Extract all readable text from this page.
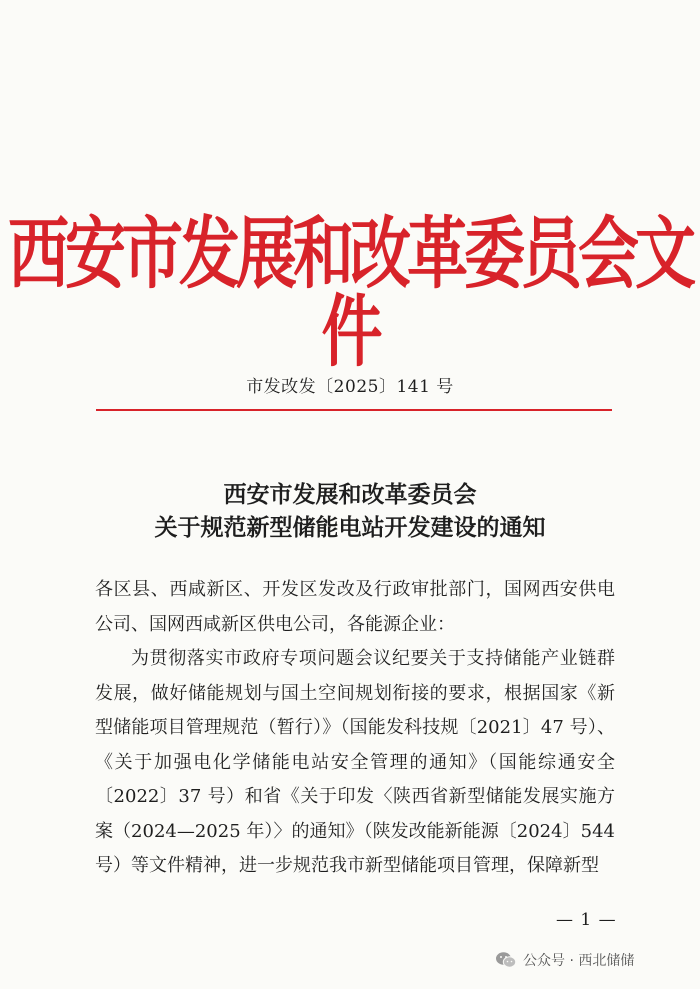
西安市发展和改革委员会文件
市发改发〔2025〕141 号
西安市发展和改革委员会
关于规范新型储能电站开发建设的通知

各区县、西咸新区、开发区发改及行政审批部门，国网西安供电公司、国网西咸新区供电公司，各能源企业：

为贯彻落实市政府专项问题会议纪要关于支持储能产业链群发展，做好储能规划与国土空间规划衔接的要求，根据国家《新型储能项目管理规范（暂行）》（国能发科技规〔2021〕47 号）、《关于加强电化学储能电站安全管理的通知》（国能综通安全〔2022〕37 号）和省《关于印发〈陕西省新型储能发展实施方案（2024—2025 年）〉的通知》（陕发改能新能源〔2024〕544 号）等文件精神，进一步规范我市新型储能项目管理，保障新型

— 1 —
公众号 · 西北储储
